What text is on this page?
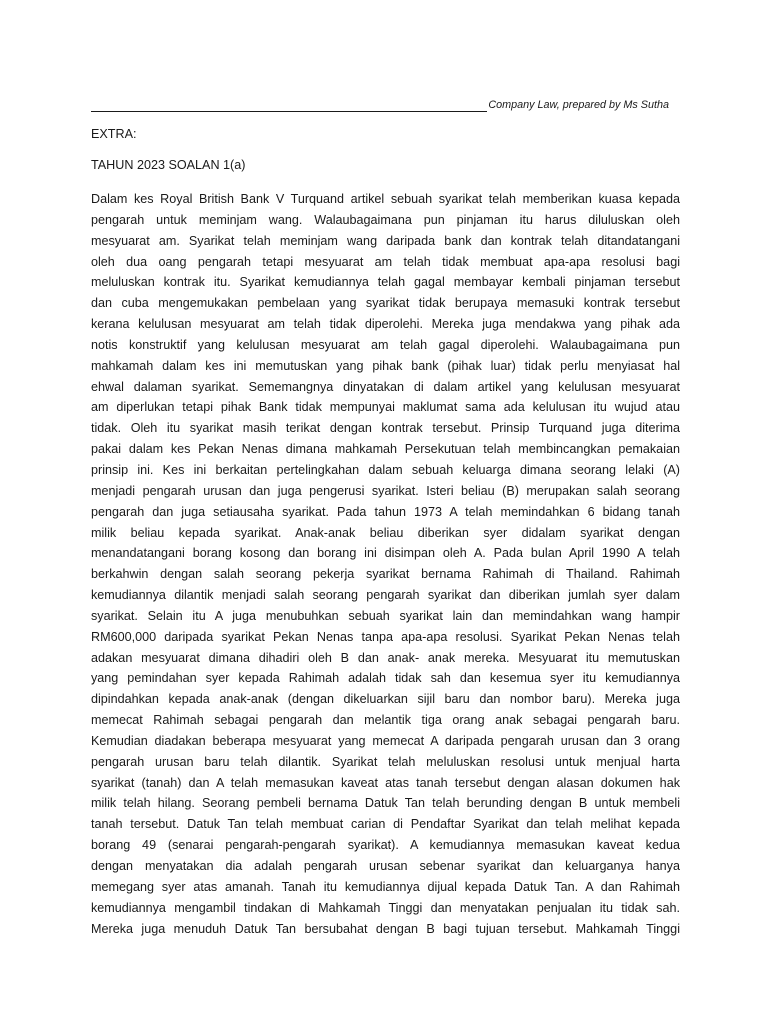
Company Law, prepared by Ms Sutha
EXTRA:
TAHUN 2023 SOALAN 1(a)
Dalam kes Royal British Bank V Turquand artikel sebuah syarikat telah memberikan kuasa kepada
pengarah untuk meminjam wang. Walaubagaimana pun pinjaman itu harus diluluskan oleh
mesyuarat am. Syarikat telah meminjam wang daripada bank dan kontrak telah ditandatangani
oleh dua oang pengarah tetapi mesyuarat am telah tidak membuat apa-apa resolusi bagi
meluluskan kontrak itu. Syarikat kemudiannya telah gagal membayar kembali pinjaman tersebut
dan cuba mengemukakan pembelaan yang syarikat tidak berupaya memasuki kontrak tersebut
kerana kelulusan mesyuarat am telah tidak diperolehi. Mereka juga mendakwa yang pihak ada
notis konstruktif yang kelulusan mesyuarat am telah gagal diperolehi. Walaubagaimana pun
mahkamah dalam kes ini memutuskan yang pihak bank (pihak luar) tidak perlu menyiasat hal
ehwal dalaman syarikat. Sememangnya dinyatakan di dalam artikel yang kelulusan mesyuarat
am diperlukan tetapi pihak Bank tidak mempunyai maklumat sama ada kelulusan itu wujud atau
tidak. Oleh itu syarikat masih terikat dengan kontrak tersebut. Prinsip Turquand juga diterima
pakai dalam kes Pekan Nenas dimana mahkamah Persekutuan telah membincangkan pemakaian
prinsip ini. Kes ini berkaitan pertelingkahan dalam sebuah keluarga dimana seorang lelaki (A)
menjadi pengarah urusan dan juga pengerusi syarikat. Isteri beliau (B) merupakan salah seorang
pengarah dan juga setiausaha syarikat. Pada tahun 1973 A telah memindahkan 6 bidang tanah
milik beliau kepada syarikat. Anak-anak beliau diberikan syer didalam syarikat dengan
menandatangani borang kosong dan borang ini disimpan oleh A. Pada bulan April 1990 A telah
berkahwin dengan salah seorang pekerja syarikat bernama Rahimah di Thailand. Rahimah
kemudiannya dilantik menjadi salah seorang pengarah syarikat dan diberikan jumlah syer dalam
syarikat. Selain itu A juga menubuhkan sebuah syarikat lain dan memindahkan wang hampir
RM600,000 daripada syarikat Pekan Nenas tanpa apa-apa resolusi. Syarikat Pekan Nenas telah
adakan mesyuarat dimana dihadiri oleh B dan anak- anak mereka. Mesyuarat itu memutuskan
yang pemindahan syer kepada Rahimah adalah tidak sah dan kesemua syer itu kemudiannya
dipindahkan kepada anak-anak (dengan dikeluarkan sijil baru dan nombor baru). Mereka juga
memecat Rahimah sebagai pengarah dan melantik tiga orang anak sebagai pengarah baru.
Kemudian diadakan beberapa mesyuarat yang memecat A daripada pengarah urusan dan 3 orang
pengarah urusan baru telah dilantik. Syarikat telah meluluskan resolusi untuk menjual harta
syarikat (tanah) dan A telah memasukan kaveat atas tanah tersebut dengan alasan dokumen hak
milik telah hilang. Seorang pembeli bernama Datuk Tan telah berunding dengan B untuk membeli
tanah tersebut. Datuk Tan telah membuat carian di Pendaftar Syarikat dan telah melihat kepada
borang 49 (senarai pengarah-pengarah syarikat). A kemudiannya memasukan kaveat kedua
dengan menyatakan dia adalah pengarah urusan sebenar syarikat dan keluarganya hanya
memegang syer atas amanah. Tanah itu kemudiannya dijual kepada Datuk Tan. A dan Rahimah
kemudiannya mengambil tindakan di Mahkamah Tinggi dan menyatakan penjualan itu tidak sah.
Mereka juga menuduh Datuk Tan bersubahat dengan B bagi tujuan tersebut. Mahkamah Tinggi
